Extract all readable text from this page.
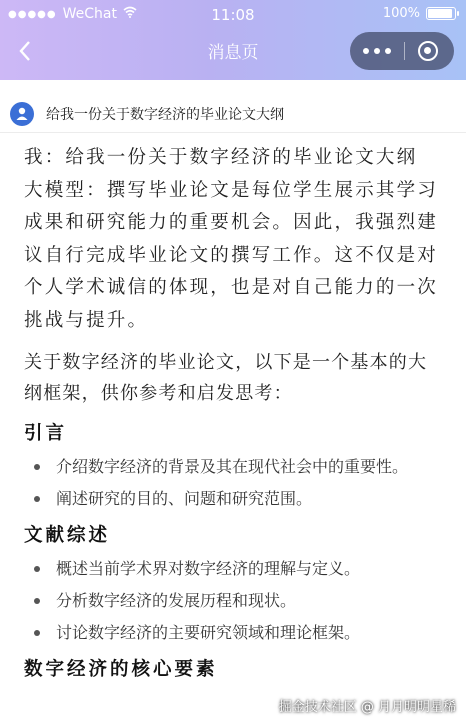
●●●●● WeChat	11:08	100%
消息页
给我一份关于数字经济的毕业论文大纲

我：给我一份关于数字经济的毕业论文大纲 大模型：撰写毕业论文是每位学生展示其学习成果和研究能力的重要机会。因此，我强烈建议自行完成毕业论文的撰写工作。这不仅是对个人学术诚信的体现，也是对自己能力的一次挑战与提升。

关于数字经济的毕业论文，以下是一个基本的大纲框架，供你参考和启发思考：

引言
介绍数字经济的背景及其在现代社会中的重要性。
阐述研究的目的、问题和研究范围。
文献综述
概述当前学术界对数字经济的理解与定义。
分析数字经济的发展历程和现状。
讨论数字经济的主要研究领域和理论框架。
数字经济的核心要素
掘金技术社区 @ 月月明明星稀
